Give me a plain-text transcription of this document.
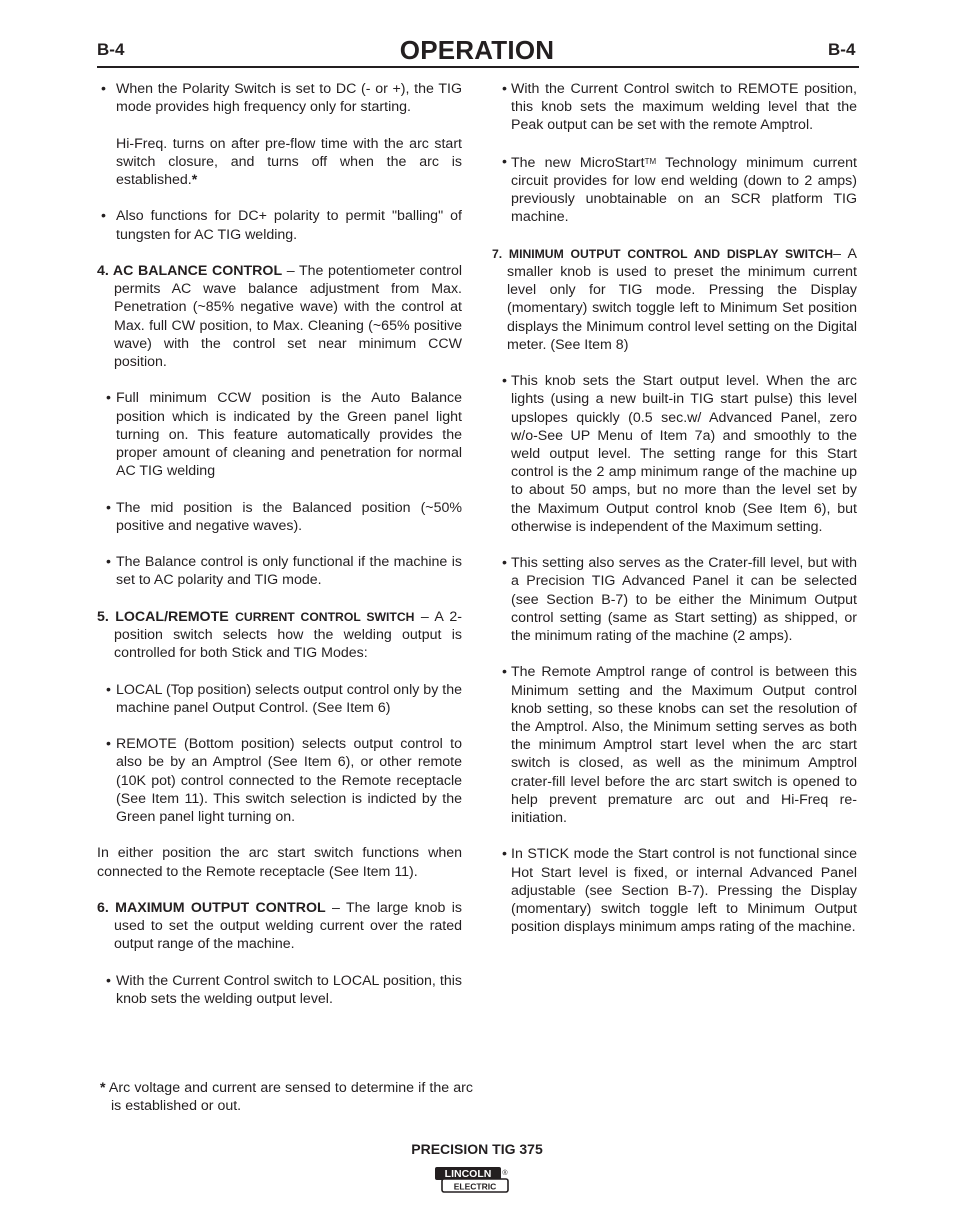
B-4	OPERATION	B-4
• When the Polarity Switch is set to DC (- or +), the TIG mode provides high frequency only for starting.
Hi-Freq. turns on after pre-flow time with the arc start switch closure, and turns off when the arc is established.*
• Also functions for DC+ polarity to permit "balling" of tungsten for AC TIG welding.
4. AC BALANCE CONTROL – The potentiometer control permits AC wave balance adjustment from Max. Penetration (~85% negative wave) with the control at Max. full CW position, to Max. Cleaning (~65% positive wave) with the control set near minimum CCW position.
• Full minimum CCW position is the Auto Balance position which is indicated by the Green panel light turning on. This feature automatically provides the proper amount of cleaning and penetration for normal AC TIG welding
• The mid position is the Balanced position (~50% positive and negative waves).
• The Balance control is only functional if the machine is set to AC polarity and TIG mode.
5. LOCAL/REMOTE CURRENT CONTROL SWITCH – A 2-position switch selects how the welding output is controlled for both Stick and TIG Modes:
• LOCAL (Top position) selects output control only by the machine panel Output Control. (See Item 6)
• REMOTE (Bottom position) selects output control to also be by an Amptrol (See Item 6), or other remote (10K pot) control connected to the Remote receptacle (See Item 11). This switch selection is indicted by the Green panel light turning on.
In either position the arc start switch functions when connected to the Remote receptacle (See Item 11).
6. MAXIMUM OUTPUT CONTROL – The large knob is used to set the output welding current over the rated output range of the machine.
• With the Current Control switch to LOCAL position, this knob sets the welding output level.
• With the Current Control switch to REMOTE position, this knob sets the maximum welding level that the Peak output can be set with the remote Amptrol.
• The new MicroStart™ Technology minimum current circuit provides for low end welding (down to 2 amps) previously unobtainable on an SCR platform TIG machine.
7. MINIMUM OUTPUT CONTROL AND DISPLAY SWITCH– A smaller knob is used to preset the minimum current level only for TIG mode. Pressing the Display (momentary) switch toggle left to Minimum Set position displays the Minimum control level setting on the Digital meter. (See Item 8)
• This knob sets the Start output level. When the arc lights (using a new built-in TIG start pulse) this level upslopes quickly (0.5 sec.w/ Advanced Panel, zero w/o-See UP Menu of Item 7a) and smoothly to the weld output level. The setting range for this Start control is the 2 amp minimum range of the machine up to about 50 amps, but no more than the level set by the Maximum Output control knob (See Item 6), but otherwise is independent of the Maximum setting.
• This setting also serves as the Crater-fill level, but with a Precision TIG Advanced Panel it can be selected (see Section B-7) to be either the Minimum Output control setting (same as Start setting) as shipped, or the minimum rating of the machine (2 amps).
• The Remote Amptrol range of control is between this Minimum setting and the Maximum Output control knob setting, so these knobs can set the resolution of the Amptrol. Also, the Minimum setting serves as both the minimum Amptrol start level when the arc start switch is closed, as well as the minimum Amptrol crater-fill level before the arc start switch is opened to help prevent premature arc out and Hi-Freq re-initiation.
• In STICK mode the Start control is not functional since Hot Start level is fixed, or internal Advanced Panel adjustable (see Section B-7). Pressing the Display (momentary) switch toggle left to Minimum Output position displays minimum amps rating of the machine.
* Arc voltage and current are sensed to determine if the arc is established or out.
PRECISION TIG 375
LINCOLN
ELECTRIC
®
